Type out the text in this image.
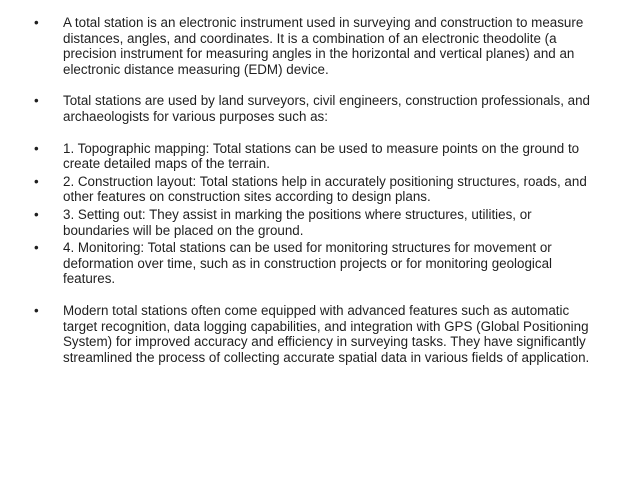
•	A total station is an electronic instrument used in surveying and construction to measure distances, angles, and coordinates. It is a combination of an electronic theodolite (a precision instrument for measuring angles in the horizontal and vertical planes) and an electronic distance measuring (EDM) device.
•	Total stations are used by land surveyors, civil engineers, construction professionals, and archaeologists for various purposes such as:
•	1. Topographic mapping: Total stations can be used to measure points on the ground to create detailed maps of the terrain.
•	2. Construction layout: Total stations help in accurately positioning structures, roads, and other features on construction sites according to design plans.
•	3. Setting out: They assist in marking the positions where structures, utilities, or boundaries will be placed on the ground.
•	4. Monitoring: Total stations can be used for monitoring structures for movement or deformation over time, such as in construction projects or for monitoring geological features.
•	Modern total stations often come equipped with advanced features such as automatic target recognition, data logging capabilities, and integration with GPS (Global Positioning System) for improved accuracy and efficiency in surveying tasks. They have significantly streamlined the process of collecting accurate spatial data in various fields of application.
